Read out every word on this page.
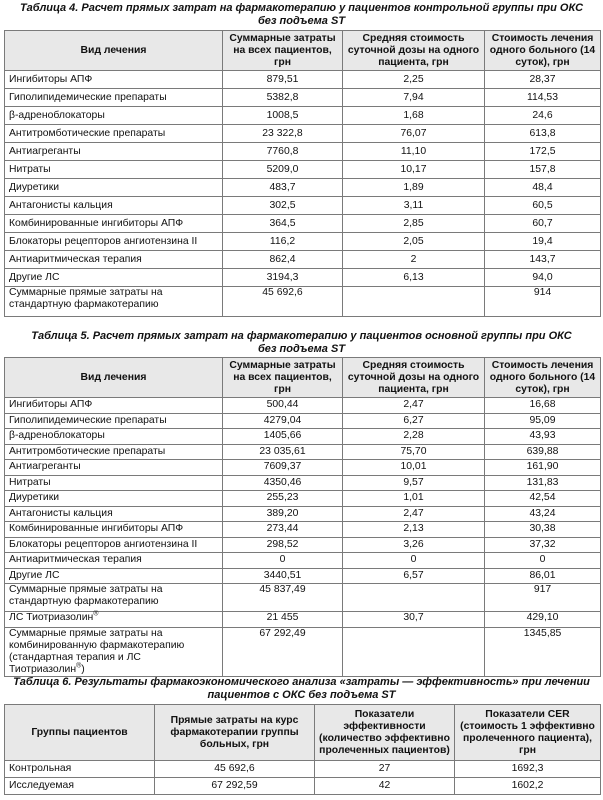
Таблица 4. Расчет прямых затрат на фармакотерапию у пациентов контрольной группы при ОКС
без подъема ST
Вид лечения	Суммарные затраты на всех пациентов, грн	Средняя стоимость суточной дозы на одного пациента, грн	Стоимость лечения одного больного (14 суток), грн
Ингибиторы АПФ	879,51	2,25	28,37
Гиполипидемические препараты	5382,8	7,94	114,53
β-адреноблокаторы	1008,5	1,68	24,6
Антитромботические препараты	23 322,8	76,07	613,8
Антиагреганты	7760,8	11,10	172,5
Нитраты	5209,0	10,17	157,8
Диуретики	483,7	1,89	48,4
Антагонисты кальция	302,5	3,11	60,5
Комбинированные ингибиторы АПФ	364,5	2,85	60,7
Блокаторы рецепторов ангиотензина II	116,2	2,05	19,4
Антиаритмическая терапия	862,4	2	143,7
Другие ЛС	3194,3	6,13	94,0
Суммарные прямые затраты на стандартную фармакотерапию	45 692,6		914
Таблица 5. Расчет прямых затрат на фармакотерапию у пациентов основной группы при ОКС
без подъема ST
Вид лечения	Суммарные затраты на всех пациентов, грн	Средняя стоимость суточной дозы на одного пациента, грн	Стоимость лечения одного больного (14 суток), грн
Ингибиторы АПФ	500,44	2,47	16,68
Гиполипидемические препараты	4279,04	6,27	95,09
β-адреноблокаторы	1405,66	2,28	43,93
Антитромботические препараты	23 035,61	75,70	639,88
Антиагреганты	7609,37	10,01	161,90
Нитраты	4350,46	9,57	131,83
Диуретики	255,23	1,01	42,54
Антагонисты кальция	389,20	2,47	43,24
Комбинированные ингибиторы АПФ	273,44	2,13	30,38
Блокаторы рецепторов ангиотензина II	298,52	3,26	37,32
Антиаритмическая терапия	0	0	0
Другие ЛС	3440,51	6,57	86,01
Суммарные прямые затраты на стандартную фармакотерапию	45 837,49		917
ЛС Тиотриазолин®	21 455	30,7	429,10
Суммарные прямые затраты на комбинированную фармакотерапию (стандартная терапия и ЛС Тиотриазолин®)	67 292,49		1345,85
Таблица 6. Результаты фармакоэкономического анализа «затраты — эффективность» при лечении
пациентов с ОКС без подъема ST
Группы пациентов	Прямые затраты на курс фармакотерапии группы больных, грн	Показатели эффективности (количество эффективно пролеченных пациентов)	Показатели CER (стоимость 1 эффективно пролеченного пациента), грн
Контрольная	45 692,6	27	1692,3
Исследуемая	67 292,59	42	1602,2
